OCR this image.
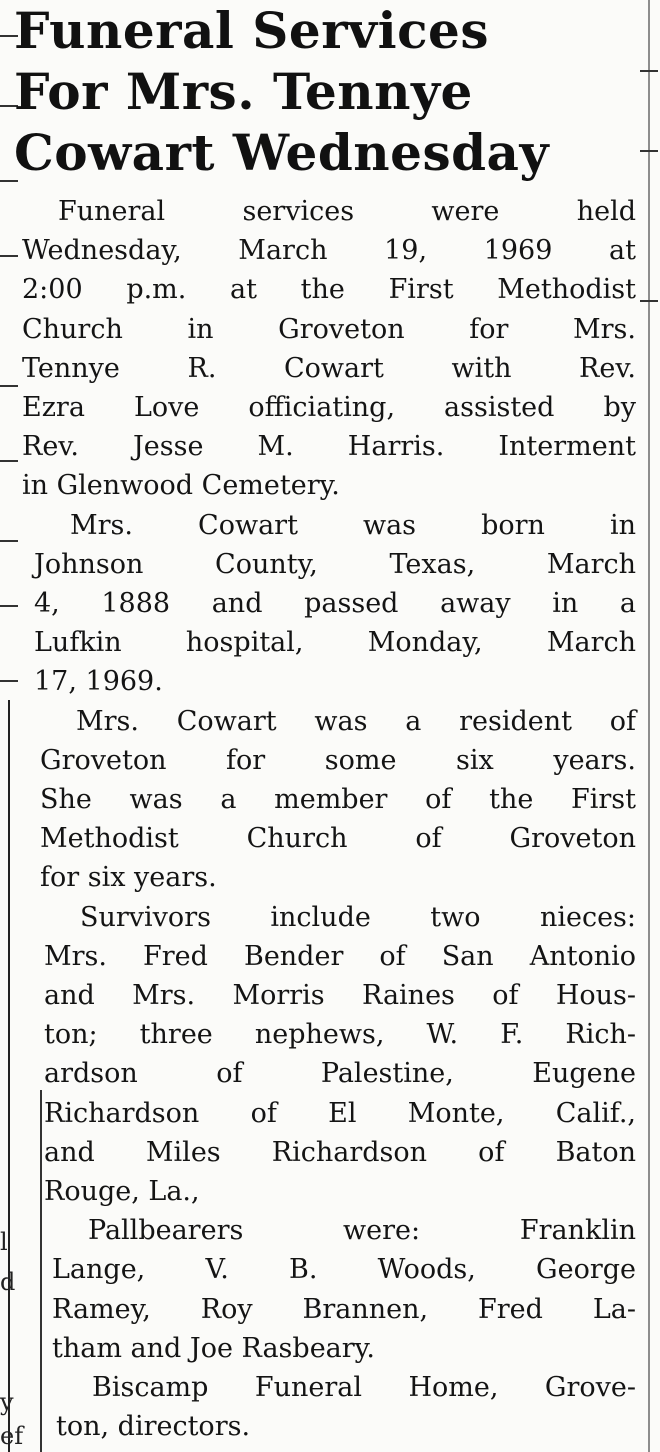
l
d
y
ef
Funeral Services
For Mrs. Tennye
Cowart Wednesday

Funeral services were held
Wednesday, March 19, 1969 at
2:00 p.m. at the First Methodist
Church in Groveton for Mrs.
Tennye R. Cowart with Rev.
Ezra Love officiating, assisted by
Rev. Jesse M. Harris. Interment
in Glenwood Cemetery.

Mrs. Cowart was born in
Johnson County, Texas, March
4, 1888 and passed away in a
Lufkin hospital, Monday, March
17, 1969.

Mrs. Cowart was a resident of
Groveton for some six years.
She was a member of the First
Methodist Church of Groveton
for six years.

Survivors include two nieces:
Mrs. Fred Bender of San Antonio
and Mrs. Morris Raines of Hous-
ton; three nephews, W. F. Rich-
ardson of Palestine, Eugene
Richardson of El Monte, Calif.,
and Miles Richardson of Baton
Rouge, La.,

Pallbearers were: Franklin
Lange, V. B. Woods, George
Ramey, Roy Brannen, Fred La-
tham and Joe Rasbeary.

Biscamp Funeral Home, Grove-
ton, directors.
